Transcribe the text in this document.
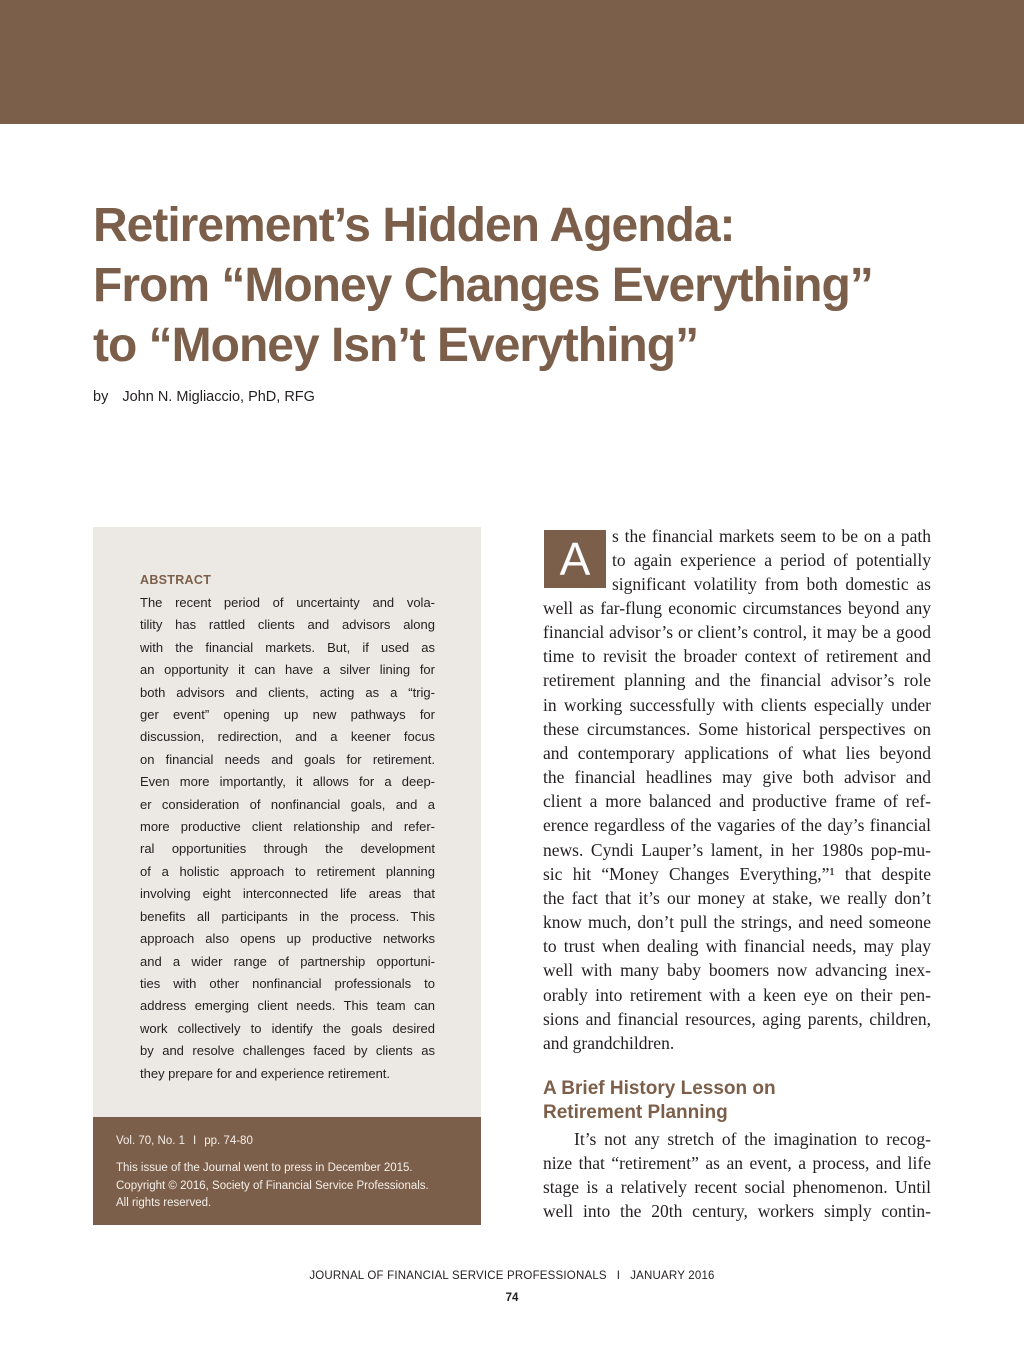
Retirement’s Hidden Agenda:
From “Money Changes Everything”
to “Money Isn’t Everything”
by John N. Migliaccio, PhD, RFG
ABSTRACT
The recent period of uncertainty and vola-
tility has rattled clients and advisors along
with the financial markets. But, if used as
an opportunity it can have a silver lining for
both advisors and clients, acting as a “trig-
ger event” opening up new pathways for
discussion, redirection, and a keener focus
on financial needs and goals for retirement.
Even more importantly, it allows for a deep-
er consideration of nonfinancial goals, and a
more productive client relationship and refer-
ral opportunities through the development
of a holistic approach to retirement planning
involving eight interconnected life areas that
benefits all participants in the process. This
approach also opens up productive networks
and a wider range of partnership opportuni-
ties with other nonfinancial professionals to
address emerging client needs. This team can
work collectively to identify the goals desired
by and resolve challenges faced by clients as
they prepare for and experience retirement.
Vol. 70, No. 1 I pp. 74-80
This issue of the Journal went to press in December 2015.
Copyright © 2016, Society of Financial Service Professionals.
All rights reserved.
A	s the financial markets seem to be on a path
to again experience a period of potentially
significant volatility from both domestic as
well as far-flung economic circumstances beyond any
financial advisor’s or client’s control, it may be a good
time to revisit the broader context of retirement and
retirement planning and the financial advisor’s role
in working successfully with clients especially under
these circumstances. Some historical perspectives on
and contemporary applications of what lies beyond
the financial headlines may give both advisor and
client a more balanced and productive frame of ref-
erence regardless of the vagaries of the day’s financial
news. Cyndi Lauper’s lament, in her 1980s pop-mu-
sic hit “Money Changes Everything,”¹ that despite
the fact that it’s our money at stake, we really don’t
know much, don’t pull the strings, and need someone
to trust when dealing with financial needs, may play
well with many baby boomers now advancing inex-
orably into retirement with a keen eye on their pen-
sions and financial resources, aging parents, children,
and grandchildren.
A Brief History Lesson on
Retirement Planning
It’s not any stretch of the imagination to recog-
nize that “retirement” as an event, a process, and life
stage is a relatively recent social phenomenon. Until
well into the 20th century, workers simply contin-
JOURNAL OF FINANCIAL SERVICE PROFESSIONALS I JANUARY 2016
74
